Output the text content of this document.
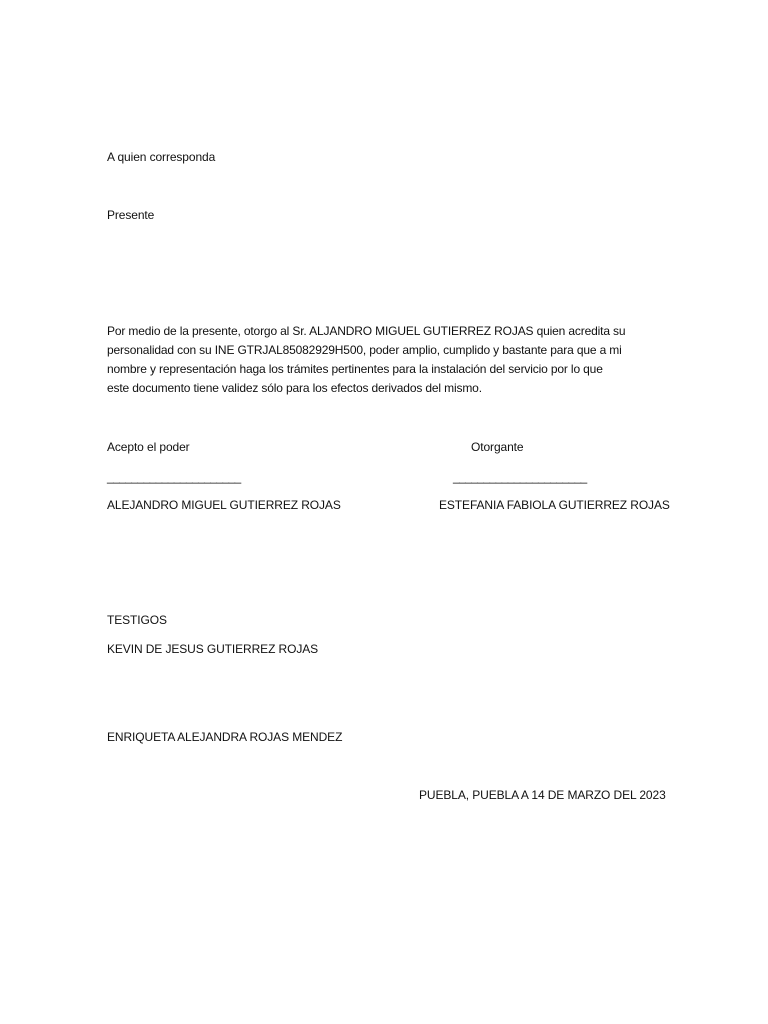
A quien corresponda
Presente
Por medio de la presente, otorgo al Sr. ALJANDRO MIGUEL GUTIERREZ ROJAS quien acredita su
personalidad con su INE GTRJAL85082929H500, poder amplio, cumplido y bastante para que a mi
nombre y representación haga los trámites pertinentes para la instalación del servicio por lo que
este documento tiene validez sólo para los efectos derivados del mismo.
Acepto el poder	Otorgante
______________________	______________________
ALEJANDRO MIGUEL GUTIERREZ ROJAS	ESTEFANIA FABIOLA GUTIERREZ ROJAS
TESTIGOS
KEVIN DE JESUS GUTIERREZ ROJAS
ENRIQUETA ALEJANDRA ROJAS MENDEZ
PUEBLA, PUEBLA A 14 DE MARZO DEL 2023
